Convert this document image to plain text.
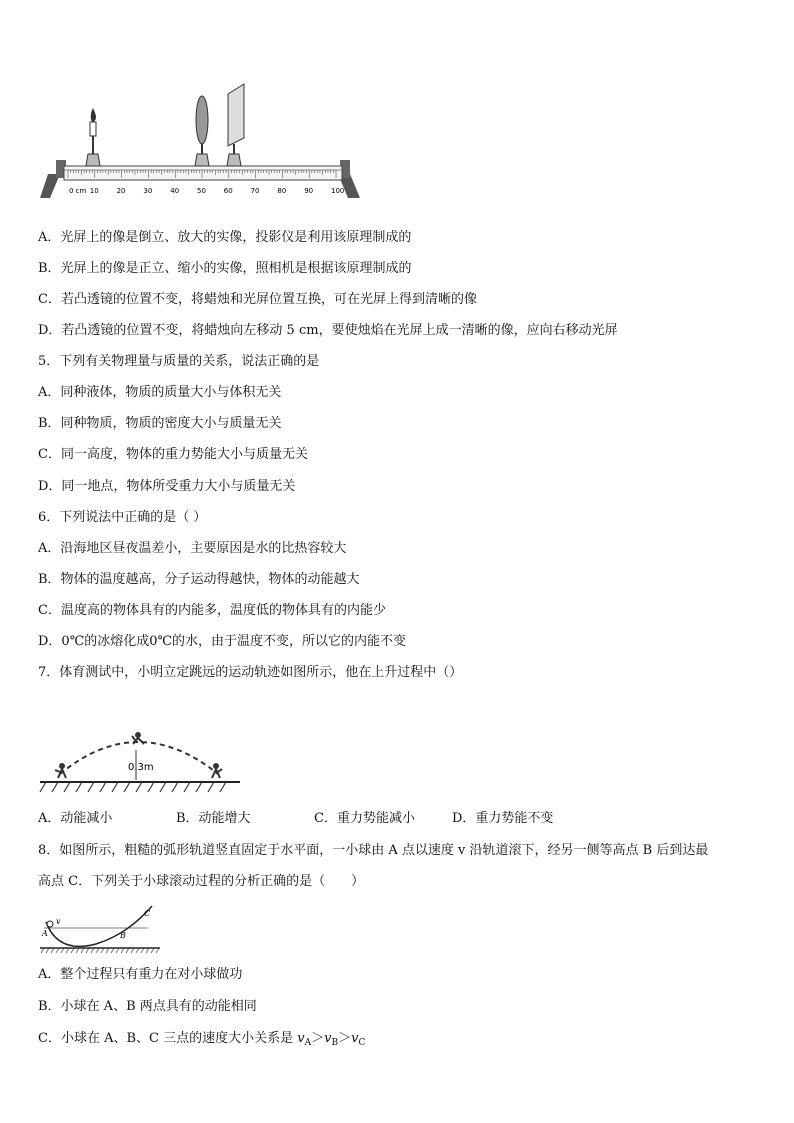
0 cm 10	20	30	40	50	60	70	80	90	100
A．光屏上的像是倒立、放大的实像，投影仪是利用该原理制成的
B．光屏上的像是正立、缩小的实像，照相机是根据该原理制成的
C．若凸透镜的位置不变，将蜡烛和光屏位置互换，可在光屏上得到清晰的像
D．若凸透镜的位置不变，将蜡烛向左移动 5 cm，要使烛焰在光屏上成一清晰的像，应向右移动光屏
5．下列有关物理量与质量的关系，说法正确的是
A．同种液体，物质的质量大小与体积无关
B．同种物质，物质的密度大小与质量无关
C．同一高度，物体的重力势能大小与质量无关
D．同一地点，物体所受重力大小与质量无关
6．下列说法中正确的是（ ）
A．沿海地区昼夜温差小，主要原因是水的比热容较大
B．物体的温度越高，分子运动得越快，物体的动能越大
C．温度高的物体具有的内能多，温度低的物体具有的内能少
D．0℃的冰熔化成0℃的水，由于温度不变，所以它的内能不变
7．体育测试中，小明立定跳远的运动轨迹如图所示，他在上升过程中（）
0.3m
A．动能减小	B．动能增大	C．重力势能减小	D．重力势能不变
8．如图所示，粗糙的弧形轨道竖直固定于水平面，一小球由 A 点以速度 v 沿轨道滚下，经另一侧等高点 B 后到达最
高点 C．下列关于小球滚动过程的分析正确的是（　　）
A
v
B
C
A．整个过程只有重力在对小球做功
B．小球在 A、B 两点具有的动能相同
C．小球在 A、B、C 三点的速度大小关系是 $v_A>v_B>v_C$
